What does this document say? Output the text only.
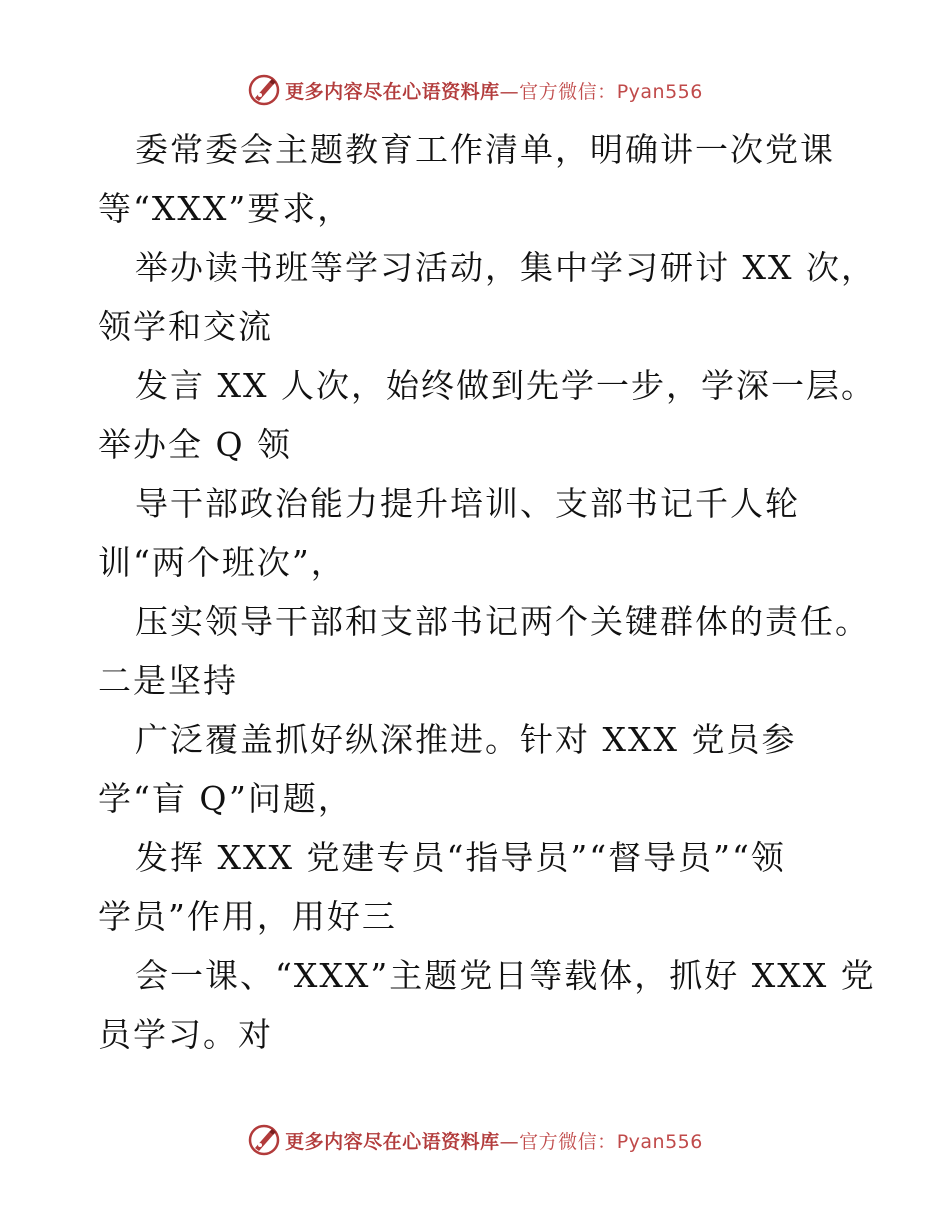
更多内容尽在心语资料库—官方微信：Pyan556
委常委会主题教育工作清单，明确讲一次党课
等“XXX”要求，
举办读书班等学习活动，集中学习研讨 XX 次，
领学和交流
发言 XX 人次，始终做到先学一步，学深一层。
举办全 Q 领
导干部政治能力提升培训、支部书记千人轮
训“两个班次”，
压实领导干部和支部书记两个关键群体的责任。
二是坚持
广泛覆盖抓好纵深推进。针对 XXX 党员参
学“盲 Q”问题，
发挥 XXX 党建专员“指导员”“督导员”“领
学员”作用，用好三
会一课、“XXX”主题党日等载体，抓好 XXX 党
员学习。对
更多内容尽在心语资料库—官方微信：Pyan556
